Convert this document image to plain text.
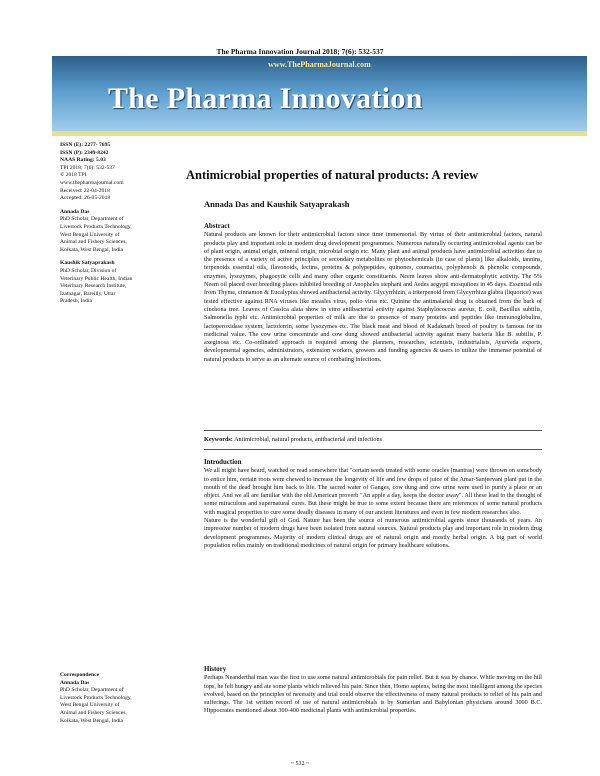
The Pharma Innovation Journal 2018; 7(6): 532-537
www.ThePharmaJournal.com
The Pharma Innovation
ISSN (E): 2277- 7695
ISSN (P): 2349-8242
NAAS Rating: 5.03
TPI 2018; 7(6): 532-537
© 2018 TPI
www.thepharmajournal.com
Received: 22-04-2018
Accepted: 26-05-2018
Annada Das
PhD Scholar, Department of
Livestock Products Technology,
West Bengal University of
Animal and Fishery Sciences,
Kolkata, West Bengal, India
Kaushik Satyaprakash
PhD Scholar, Division of
Veterinary Public Health, Indian
Veterinary Research Institute,
Izatnagar, Bareilly, Uttar
Pradesh, India
Correspondence
Annada Das
PhD Scholar, Department of
Livestock Products Technology,
West Bengal University of
Animal and Fishery Sciences,
Kolkata, West Bengal, India
Antimicrobial properties of natural products: A review
Annada Das and Kaushik Satyaprakash
Abstract

Natural products are known for their antimicrobial factors since time immemorial. By virtue of their antimicrobial factors, natural products play and important role in modern drug development programmes. Numerous naturally occurring antimicrobial agents can be of plant origin, animal origin, mineral origin, microbial origin etc. Many plant and animal products have antimicrobial activities due to the presence of a variety of active principles or secondary metabolites or phytochemicals (in case of plants) like alkaloids, tannins, terpenoids essential oils, flavonoids, lectins, proteins & polypeptides, quinones, coumarins, polyphenols & phenolic compounds, enzymes, lysozymes, phagocytic cells and many other organic constituents. Neem leaves show anti-dermatophytic activity. The 5% Neem oil placed over breeding places inhibited breeding of Anopheles stephani and Aedes aegypti mosquitoes in 45 days. Essential oils from Thyme, cinnamon & Eucalyptus showed antibacterial activity. Glycyrrhizin, a triterpenoid from Glycyrrhiza glabra (liquorice) was tested effective against RNA viruses like measles virus, polio virus etc. Quinine the antimalarial drug is obtained from the bark of cinchona tree. Leaves of Cassica alata show in vitro antibacterial activity against Staphylococcus aureus, E. coli, Bacillus subtilis, Salmonella typhi etc. Antimicrobial properties of milk are due to presence of many proteins and peptides like immunoglobulins, lactoperoxidase system, lactoferrin, some lysozymes etc. The black meat and blood of Kadaknath breed of poultry is famous for its medicinal value. The cow urine concentrate and cow dung showed antibacterial activity against many bacteria like B. subtilis, P. axeginosa etc. Co-ordinated approach is required among the planners, researches, scientists, industrialists, Ayurveda exports, developmental agencies, administrators, extension workers, growers and funding agencies & users to utilize the immense potential of natural products to serve as an alternate source of combating infections.

Keywords: Antimicrobial, natural products, antibacterial and infections
Introduction

We all might have heard, watched or read somewhere that "certain seeds treated with some oracles (mantras) were thrown on somebody to entice him, certain roots were chewed to increase the longevity of life and few drops of juice of the Amar-Sanjeevani plant put in the mouth of the dead brought him back to life. The sacred water of Ganges, cow dung and cow urine were used to purify a place or an object. And we all are familiar with the old American proverb "An apple a day, keeps the doctor away". All these lead to the thought of some miraculous and supernatural cures. But these might be true to some extent because there are references of some natural products with magical properties to cure some deadly diseases in many of our ancient literatures and even in few modern researches also.

Nature is the wonderful gift of God. Nature has been the source of numerous antimicrobial agents since thousands of years. An impressive number of modern drugs have been isolated from natural sources. Natural products play and important role in modern drug development programmes. Majority of modern clinical drugs are of natural origin and mostly herbal origin. A big part of world population relies mainly on traditional medicines of natural origin for primary healthcare solutions.

History

Perhaps Neanderthal man was the first to use some natural antimicrobials for pain relief. But it was by chance. While moving on the hill tops, he felt hungry and ate some plants which relieved his pain. Since then, Homo sapiens, being the most intelligent among the species evolved, based on the principles of necessity and trial could observe the effectiveness of many natural products to relief of his pain and sufferings. The 1st written record of use of natural antimicrobials is by Sumerian and Babylonian physicians around 3000 B.C. Hippocrates mentioned about 300-400 medicinal plants with antimicrobial properties.

~ 532 ~
